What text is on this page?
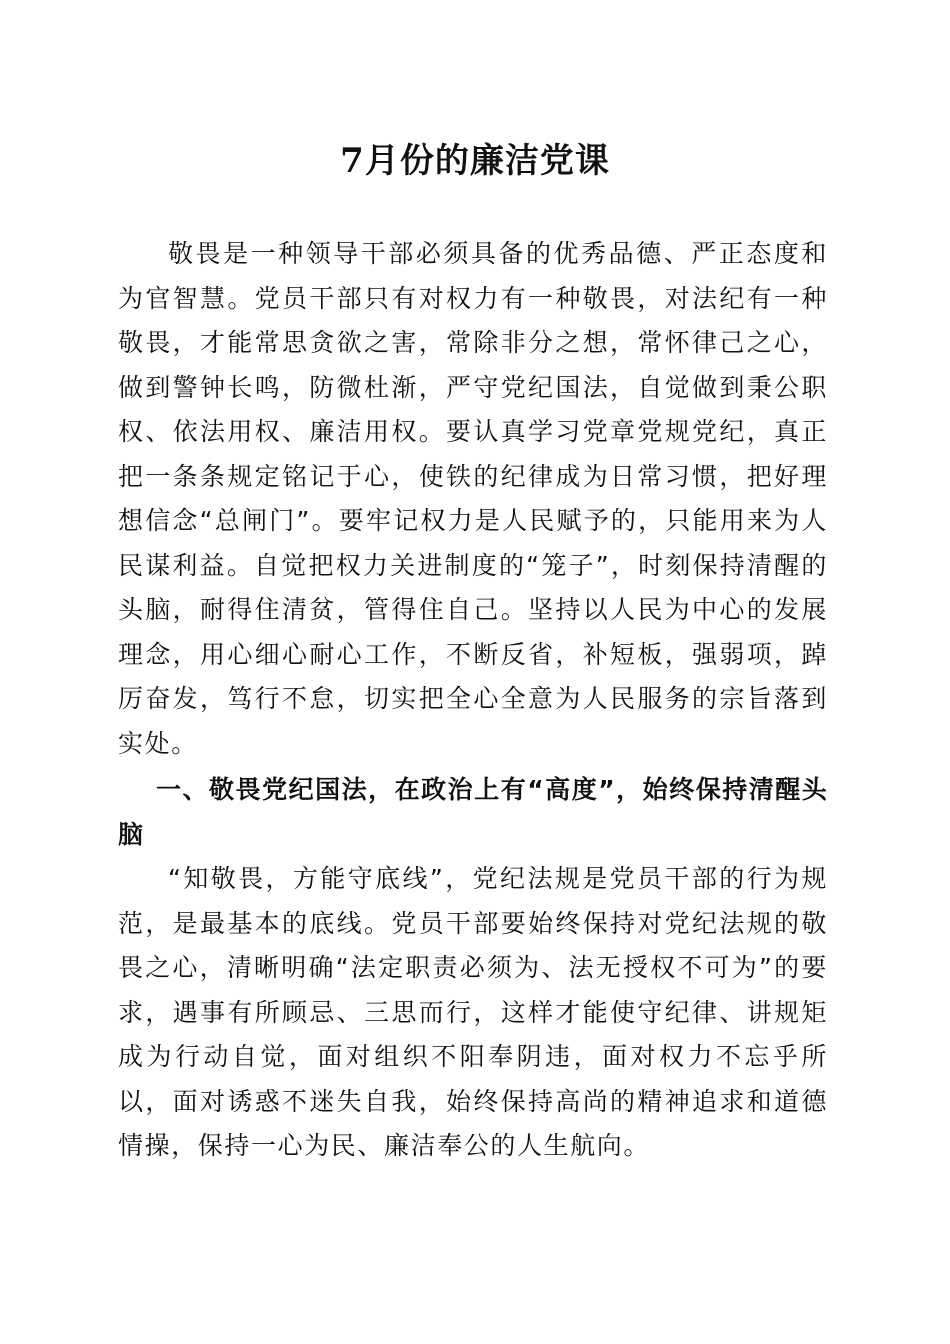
7月份的廉洁党课

敬畏是一种领导干部必须具备的优秀品德、严正态度和为官智慧。党员干部只有对权力有一种敬畏，对法纪有一种敬畏，才能常思贪欲之害，常除非分之想，常怀律己之心，做到警钟长鸣，防微杜渐，严守党纪国法，自觉做到秉公职权、依法用权、廉洁用权。要认真学习党章党规党纪，真正把一条条规定铭记于心，使铁的纪律成为日常习惯，把好理想信念“总闸门”。要牢记权力是人民赋予的，只能用来为人民谋利益。自觉把权力关进制度的“笼子”，时刻保持清醒的头脑，耐得住清贫，管得住自己。坚持以人民为中心的发展理念，用心细心耐心工作，不断反省，补短板，强弱项，踔厉奋发，笃行不怠，切实把全心全意为人民服务的宗旨落到实处。

一、敬畏党纪国法，在政治上有“高度”，始终保持清醒头脑

“知敬畏，方能守底线”，党纪法规是党员干部的行为规范，是最基本的底线。党员干部要始终保持对党纪法规的敬畏之心，清晰明确“法定职责必须为、法无授权不可为”的要求，遇事有所顾忌、三思而行，这样才能使守纪律、讲规矩成为行动自觉，面对组织不阳奉阴违，面对权力不忘乎所以，面对诱惑不迷失自我，始终保持高尚的精神追求和道德情操，保持一心为民、廉洁奉公的人生航向。
